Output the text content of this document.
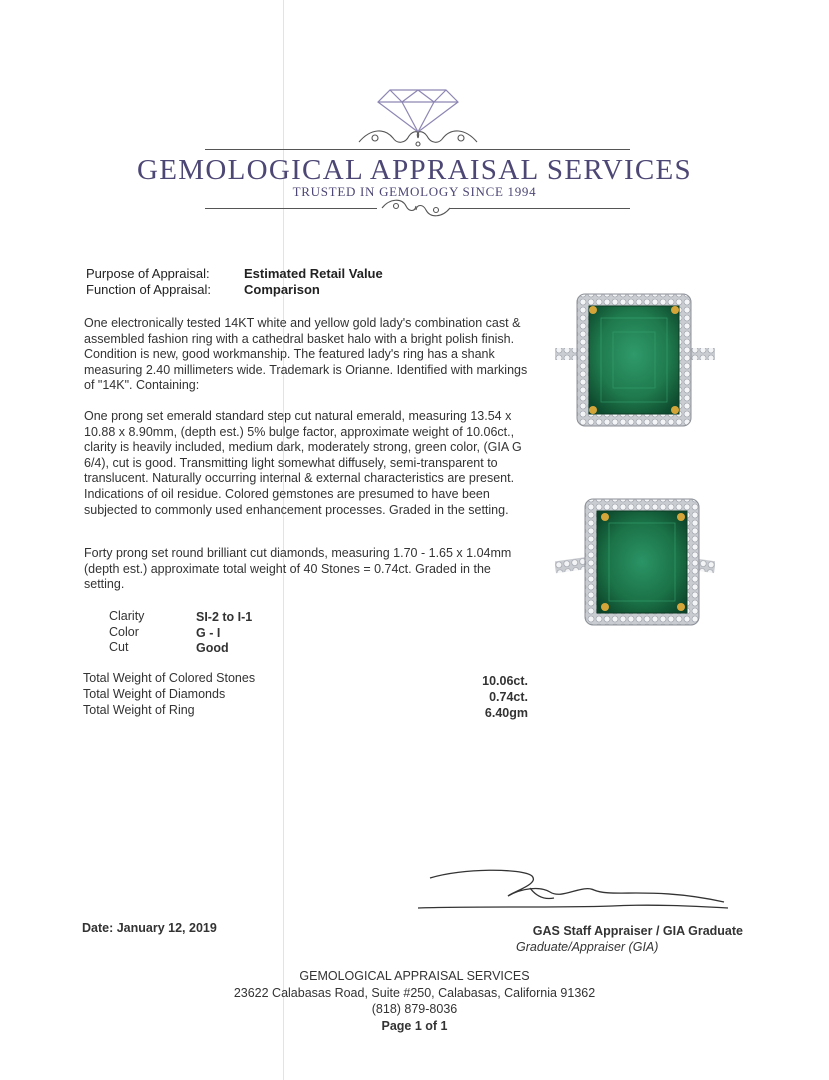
GEMOLOGICAL APPRAISAL SERVICES
TRUSTED IN GEMOLOGY SINCE 1994
Purpose of Appraisal:	Estimated Retail Value
Function of Appraisal:	Comparison

One electronically tested 14KT white and yellow gold lady's combination cast & assembled fashion ring with a cathedral basket halo with a bright polish finish. Condition is new, good workmanship. The featured lady's ring has a shank measuring 2.40 millimeters wide. Trademark is Orianne. Identified with markings of "14K". Containing:

One prong set emerald standard step cut natural emerald, measuring 13.54 x 10.88 x 8.90mm, (depth est.) 5% bulge factor, approximate weight of 10.06ct., clarity is heavily included, medium dark, moderately strong, green color, (GIA G 6/4), cut is good. Transmitting light somewhat diffusely, semi-transparent to translucent. Naturally occurring internal & external characteristics are present. Indications of oil residue. Colored gemstones are presumed to have been subjected to commonly used enhancement processes. Graded in the setting.

Forty prong set round brilliant cut diamonds, measuring 1.70 - 1.65 x 1.04mm (depth est.) approximate total weight of 40 Stones = 0.74ct. Graded in the setting.

Clarity	SI-2 to I-1
Color	G - I
Cut	Good
Total Weight of Colored Stones	10.06ct.
Total Weight of Diamonds	0.74ct.
Total Weight of Ring	6.40gm
Date: January 12, 2019	GAS Staff Appraiser / GIA Graduate
Graduate/Appraiser (GIA)
GEMOLOGICAL APPRAISAL SERVICES
23622 Calabasas Road, Suite #250, Calabasas, California 91362
(818) 879-8036
Page 1 of 1
